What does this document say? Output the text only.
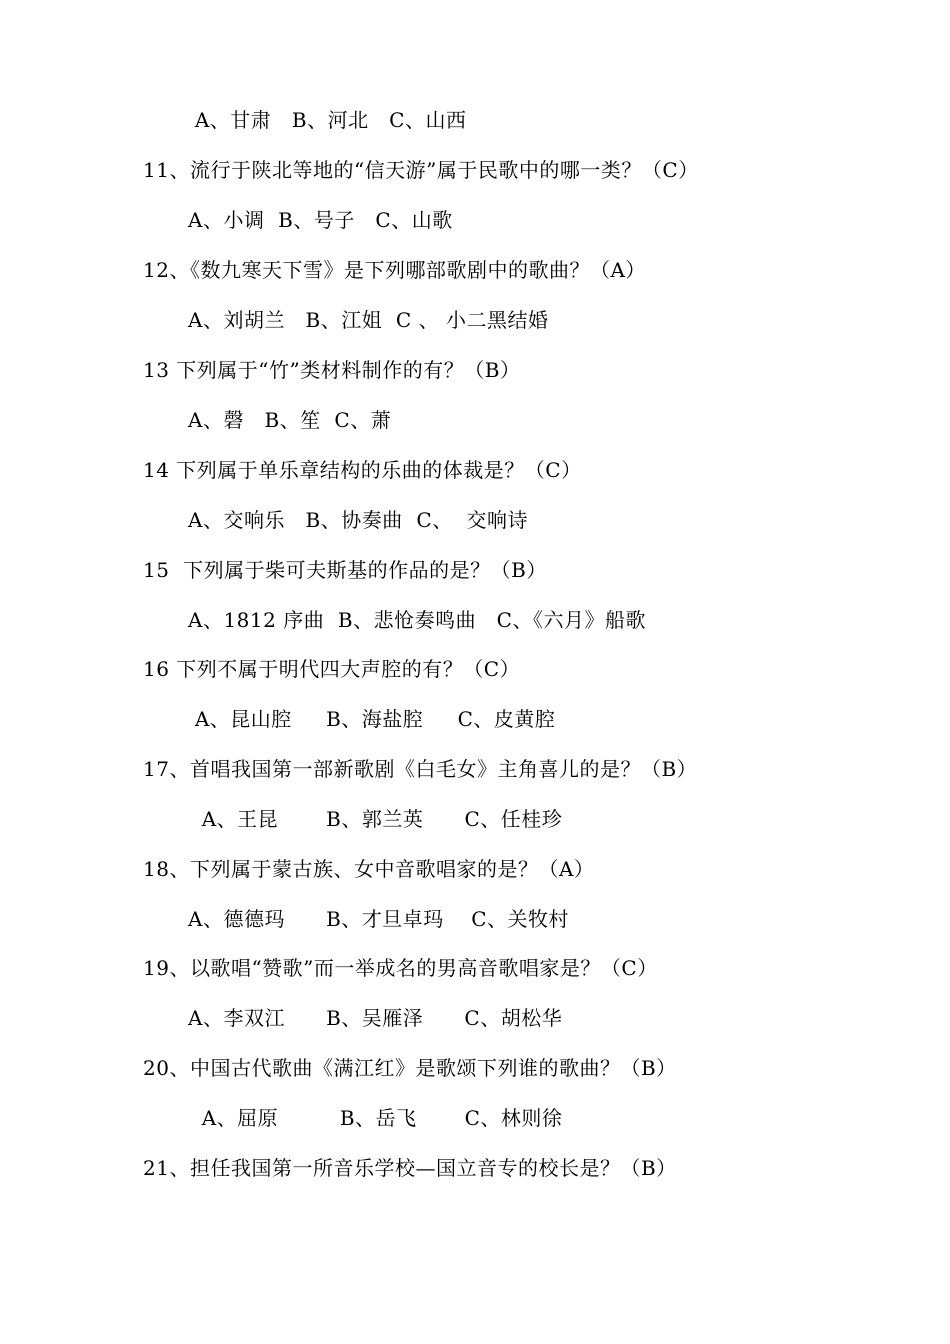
A、甘肃   B、河北   C、山西
11、流行于陕北等地的“信天游”属于民歌中的哪一类？（C）
A、小调  B、号子   C、山歌
12、《数九寒天下雪》是下列哪部歌剧中的歌曲？（A）
A、刘胡兰   B、江姐  C 、 小二黑结婚
13 下列属于“竹”类材料制作的有？（B）
A、磬   B、笙  C、萧
14 下列属于单乐章结构的乐曲的体裁是？（C）
A、交响乐   B、协奏曲  C、  交响诗
15  下列属于柴可夫斯基的作品的是？（B）
A、1812 序曲  B、悲怆奏鸣曲   C、《六月》船歌
16 下列不属于明代四大声腔的有？（C）
A、昆山腔     B、海盐腔     C、皮黄腔
17、首唱我国第一部新歌剧《白毛女》主角喜儿的是？（B）
A、王昆       B、郭兰英      C、任桂珍
18、下列属于蒙古族、女中音歌唱家的是？（A）
A、德德玛      B、才旦卓玛    C、关牧村
19、以歌唱“赞歌”而一举成名的男高音歌唱家是？（C）
A、李双江      B、吴雁泽      C、胡松华
20、中国古代歌曲《满江红》是歌颂下列谁的歌曲？（B）
A、屈原         B、岳飞       C、林则徐
21、担任我国第一所音乐学校—国立音专的校长是？（B）
